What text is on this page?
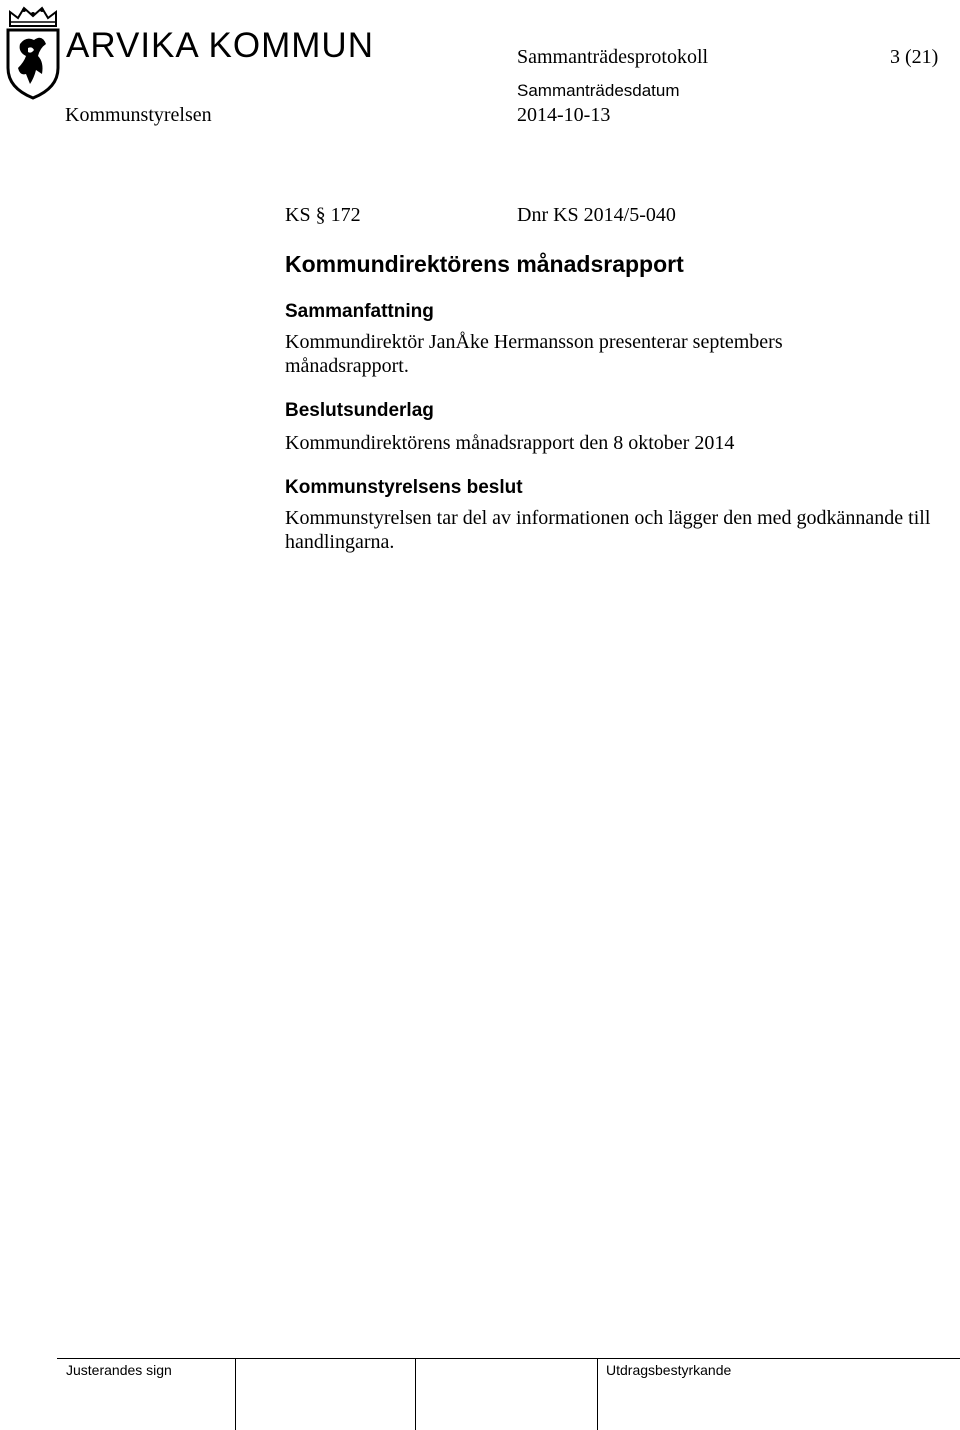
ARVIKA KOMMUN	Sammanträdesprotokoll	3 (21)
Kommunstyrelsen
Sammanträdesdatum
2014-10-13
KS § 172	Dnr KS 2014/5-040
Kommundirektörens månadsrapport
Sammanfattning
Kommundirektör JanÅke Hermansson presenterar septembers månadsrapport.
Beslutsunderlag
Kommundirektörens månadsrapport den 8 oktober 2014
Kommunstyrelsens beslut
Kommunstyrelsen tar del av informationen och lägger den med godkännande till handlingarna.
Justerandes sign	Utdragsbestyrkande
